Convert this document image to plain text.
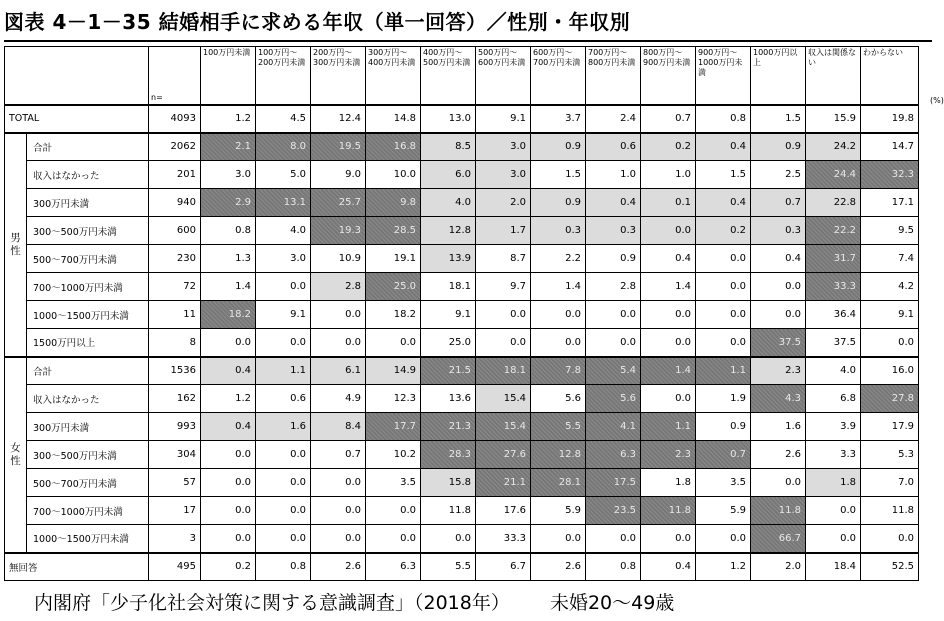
図表 4－1－35 結婚相手に求める年収（単一回答）／性別・年収別
(%)
		n=	100万円未満	100万円～200万円未満	200万円～300万円未満	300万円～400万円未満	400万円～500万円未満	500万円～600万円未満	600万円～700万円未満	700万円～800万円未満	800万円～900万円未満	900万円～1000万円未満	1000万円以上	収入は関係ない	わからない
TOTAL		4093	1.2	4.5	12.4	14.8	13.0	9.1	3.7	2.4	0.7	0.8	1.5	15.9	19.8

男
性	合計	2062	2.1	8.0	19.5	16.8	8.5	3.0	0.9	0.6	0.2	0.4	0.9	24.2	14.7
	収入はなかった	201	3.0	5.0	9.0	10.0	6.0	3.0	1.5	1.0	1.0	1.5	2.5	24.4	32.3
	300万円未満	940	2.9	13.1	25.7	9.8	4.0	2.0	0.9	0.4	0.1	0.4	0.7	22.8	17.1
	300～500万円未満	600	0.8	4.0	19.3	28.5	12.8	1.7	0.3	0.3	0.0	0.2	0.3	22.2	9.5
	500～700万円未満	230	1.3	3.0	10.9	19.1	13.9	8.7	2.2	0.9	0.4	0.0	0.4	31.7	7.4
	700～1000万円未満	72	1.4	0.0	2.8	25.0	18.1	9.7	1.4	2.8	1.4	0.0	0.0	33.3	4.2
	1000～1500万円未満	11	18.2	9.1	0.0	18.2	9.1	0.0	0.0	0.0	0.0	0.0	0.0	36.4	9.1
	1500万円以上	8	0.0	0.0	0.0	0.0	25.0	0.0	0.0	0.0	0.0	0.0	37.5	37.5	0.0

女
性	合計	1536	0.4	1.1	6.1	14.9	21.5	18.1	7.8	5.4	1.4	1.1	2.3	4.0	16.0
	収入はなかった	162	1.2	0.6	4.9	12.3	13.6	15.4	5.6	5.6	0.0	1.9	4.3	6.8	27.8
	300万円未満	993	0.4	1.6	8.4	17.7	21.3	15.4	5.5	4.1	1.1	0.9	1.6	3.9	17.9
	300～500万円未満	304	0.0	0.0	0.7	10.2	28.3	27.6	12.8	6.3	2.3	0.7	2.6	3.3	5.3
	500～700万円未満	57	0.0	0.0	0.0	3.5	15.8	21.1	28.1	17.5	1.8	3.5	0.0	1.8	7.0
	700～1000万円未満	17	0.0	0.0	0.0	0.0	11.8	17.6	5.9	23.5	11.8	5.9	11.8	0.0	11.8
	1000～1500万円未満	3	0.0	0.0	0.0	0.0	0.0	33.3	0.0	0.0	0.0	0.0	66.7	0.0	0.0
無回答		495	0.2	0.8	2.6	6.3	5.5	6.7	2.6	0.8	0.4	1.2	2.0	18.4	52.5
内閣府「少子化社会対策に関する意識調査」（2018年） 未婚20～49歳
